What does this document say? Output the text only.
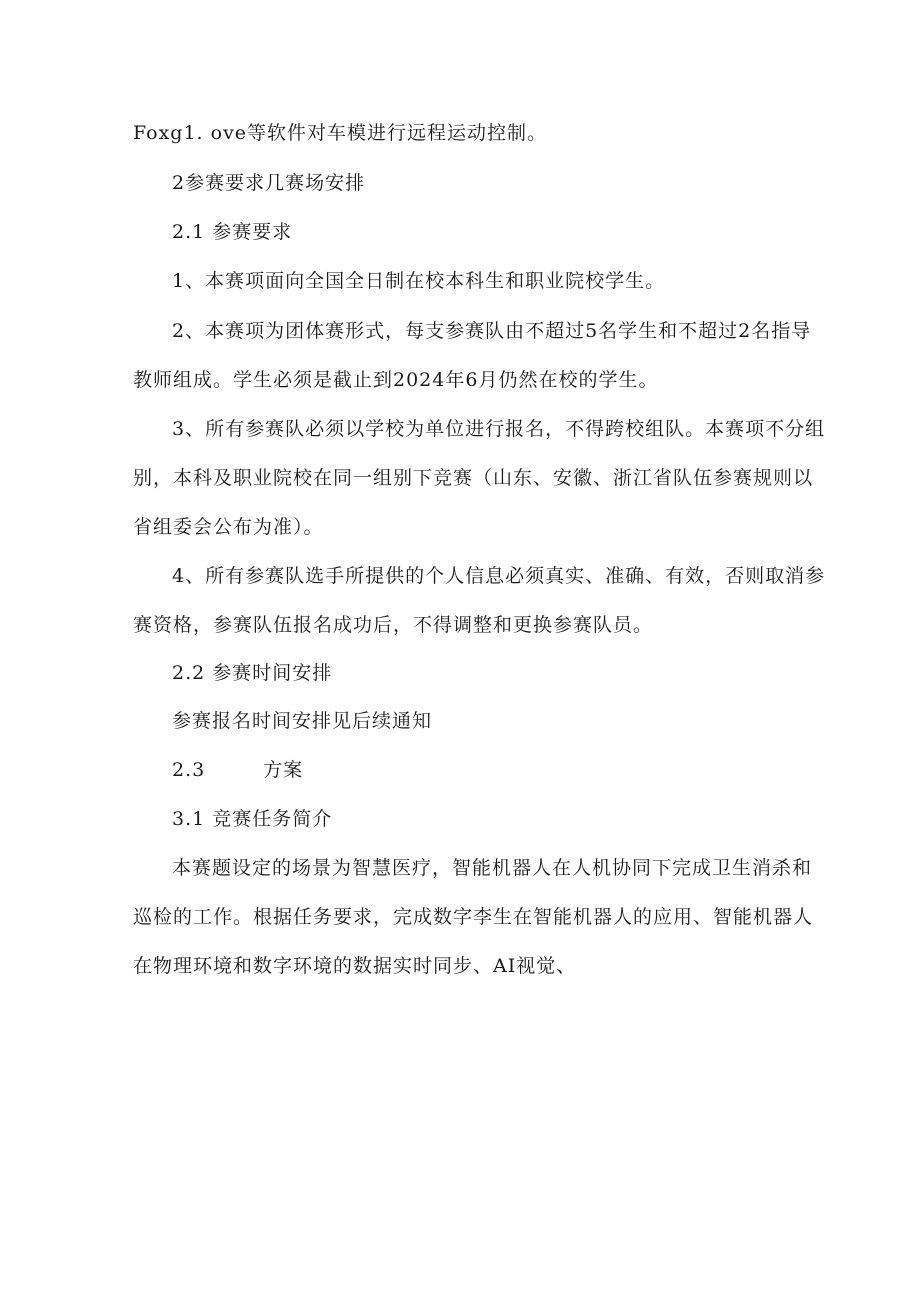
Foxg1. ove等软件对车模进行远程运动控制。
2参赛要求几赛场安排
2.1 参赛要求
1、本赛项面向全国全日制在校本科生和职业院校学生。
2、本赛项为团体赛形式，每支参赛队由不超过5名学生和不超过2名指导
教师组成。学生必须是截止到2024年6月仍然在校的学生。
3、所有参赛队必须以学校为单位进行报名，不得跨校组队。本赛项不分组
别，本科及职业院校在同一组别下竞赛（山东、安徽、浙江省队伍参赛规则以
省组委会公布为准）。
4、所有参赛队选手所提供的个人信息必须真实、准确、有效，否则取消参
赛资格，参赛队伍报名成功后，不得调整和更换参赛队员。
2.2 参赛时间安排
参赛报名时间安排见后续通知
2.3	方案
3.1 竞赛任务简介
本赛题设定的场景为智慧医疗，智能机器人在人机协同下完成卫生消杀和
巡检的工作。根据任务要求，完成数字李生在智能机器人的应用、智能机器人
在物理环境和数字环境的数据实时同步、AI视觉、
